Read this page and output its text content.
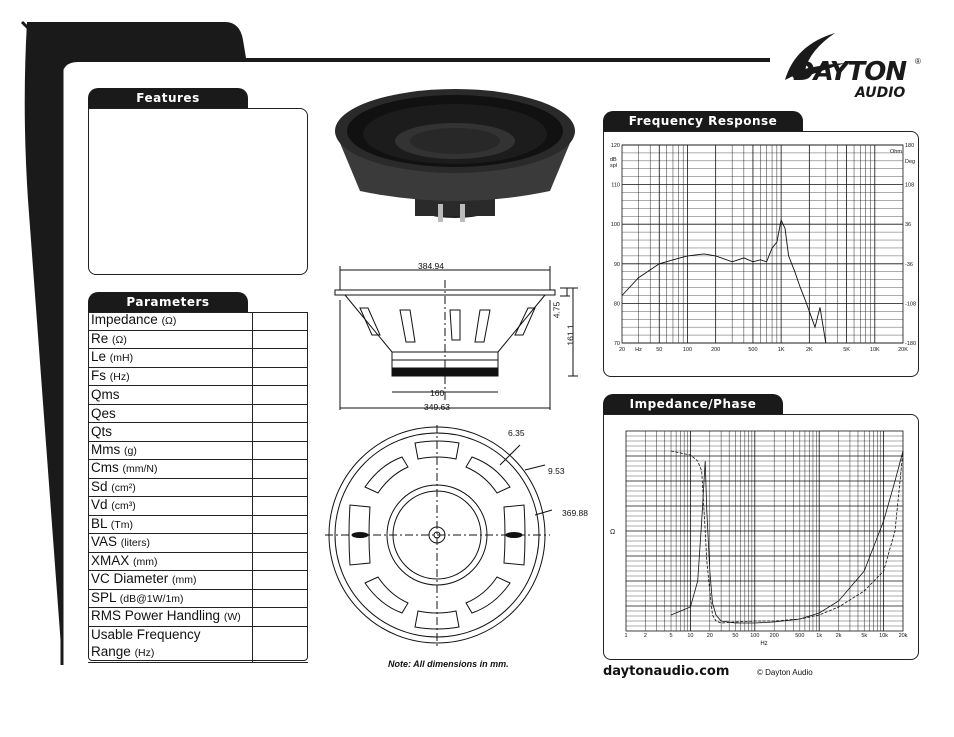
DAYTON ®
AUDIO
Features
Parameters
Impedance (Ω)
Re (Ω)
Le (mH)
Fs (Hz)
Qms
Qes
Qts
Mms (g)
Cms (mm/N)
Sd (cm²)
Vd (cm³)
BL (Tm)
VAS (liters)
XMAX (mm)
VC Diameter (mm)
SPL (dB@1W/1m)
RMS Power Handling (W)
Usable Frequency
Range (Hz)
384.94
4.75
161.1
160
349.63
6.35
9.53
369.88
Note: All dimensions in mm.
Frequency Response
120
110
100
90
80
70
180
108
36
-36
-108
-180
dB
spl
Ohm
Deg
20 Hz	50	100	200	500	1K	2K	5K	10K	20K
Impedance/Phase
Ω
1	2	5	10 20	50 100 200	500 1k 2k	5k 10k 20k
Hz
daytonaudio.com	© Dayton Audio
